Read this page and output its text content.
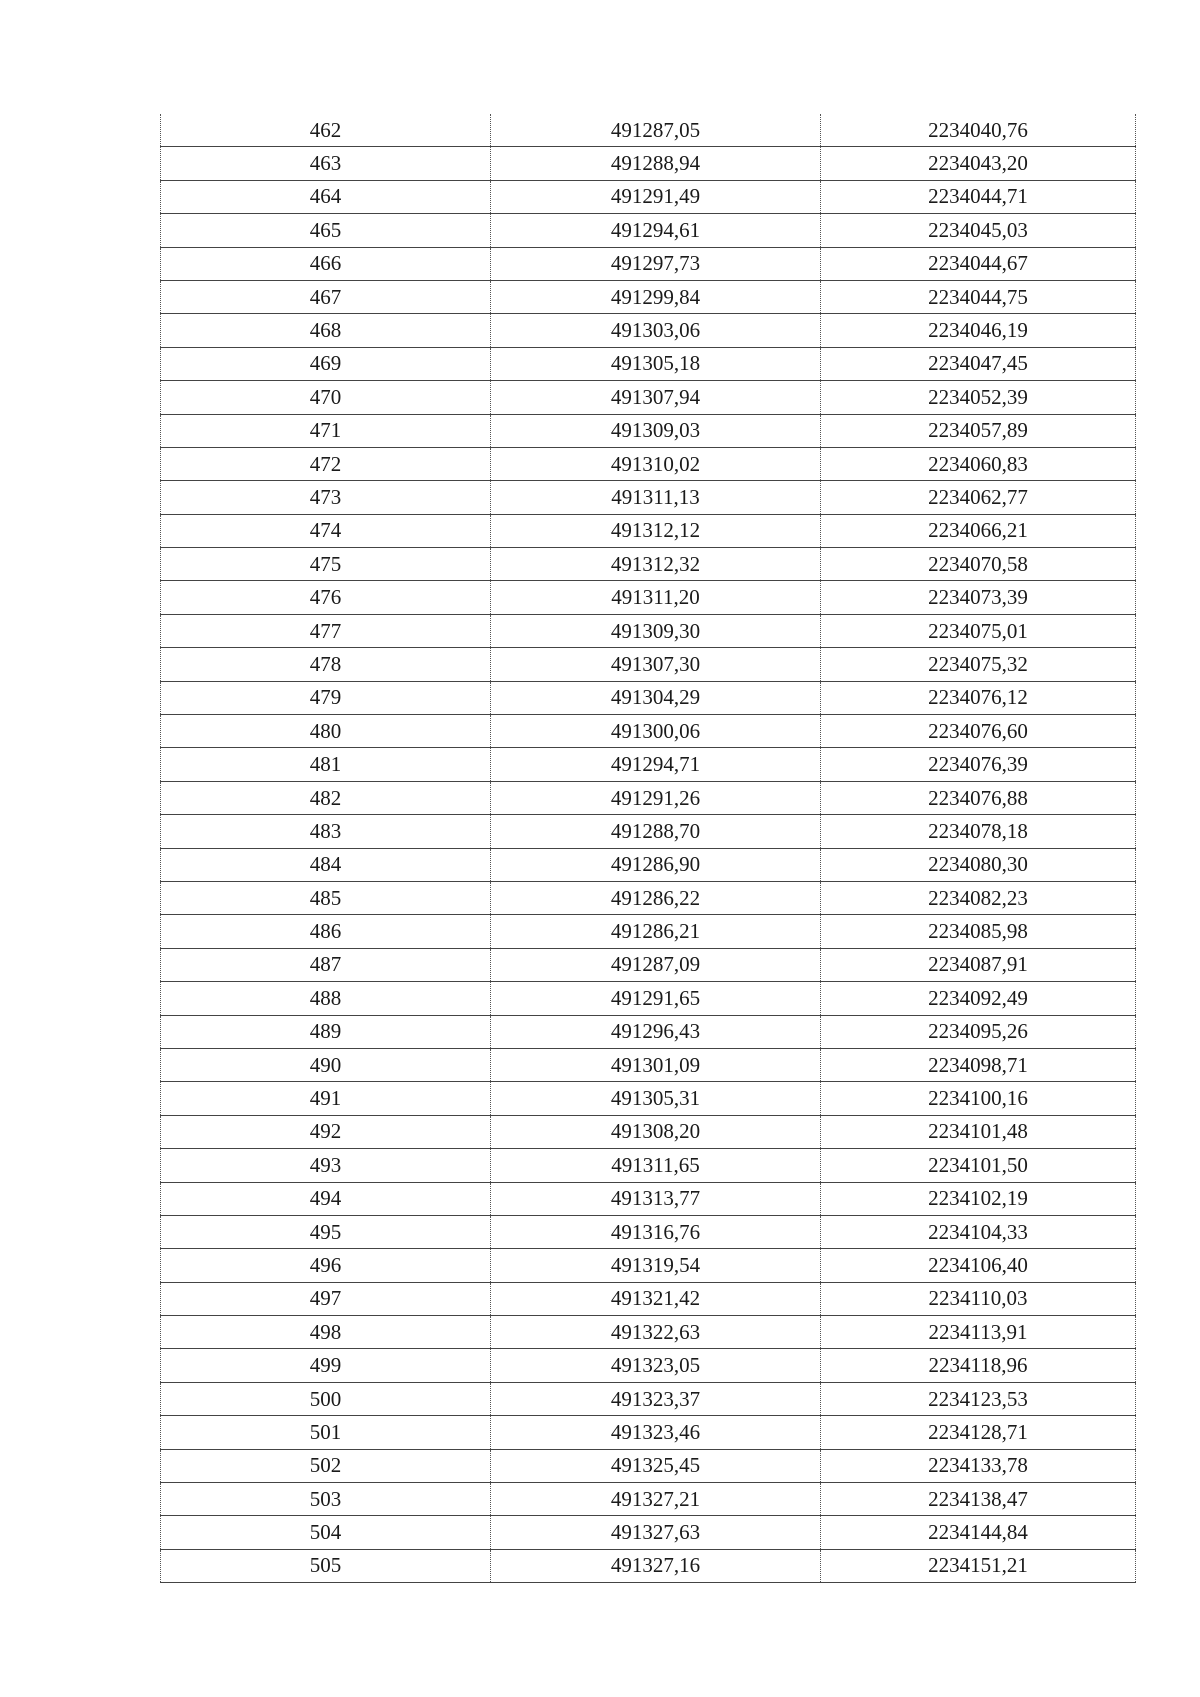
462	491287,05	2234040,76
463	491288,94	2234043,20
464	491291,49	2234044,71
465	491294,61	2234045,03
466	491297,73	2234044,67
467	491299,84	2234044,75
468	491303,06	2234046,19
469	491305,18	2234047,45
470	491307,94	2234052,39
471	491309,03	2234057,89
472	491310,02	2234060,83
473	491311,13	2234062,77
474	491312,12	2234066,21
475	491312,32	2234070,58
476	491311,20	2234073,39
477	491309,30	2234075,01
478	491307,30	2234075,32
479	491304,29	2234076,12
480	491300,06	2234076,60
481	491294,71	2234076,39
482	491291,26	2234076,88
483	491288,70	2234078,18
484	491286,90	2234080,30
485	491286,22	2234082,23
486	491286,21	2234085,98
487	491287,09	2234087,91
488	491291,65	2234092,49
489	491296,43	2234095,26
490	491301,09	2234098,71
491	491305,31	2234100,16
492	491308,20	2234101,48
493	491311,65	2234101,50
494	491313,77	2234102,19
495	491316,76	2234104,33
496	491319,54	2234106,40
497	491321,42	2234110,03
498	491322,63	2234113,91
499	491323,05	2234118,96
500	491323,37	2234123,53
501	491323,46	2234128,71
502	491325,45	2234133,78
503	491327,21	2234138,47
504	491327,63	2234144,84
505	491327,16	2234151,21
